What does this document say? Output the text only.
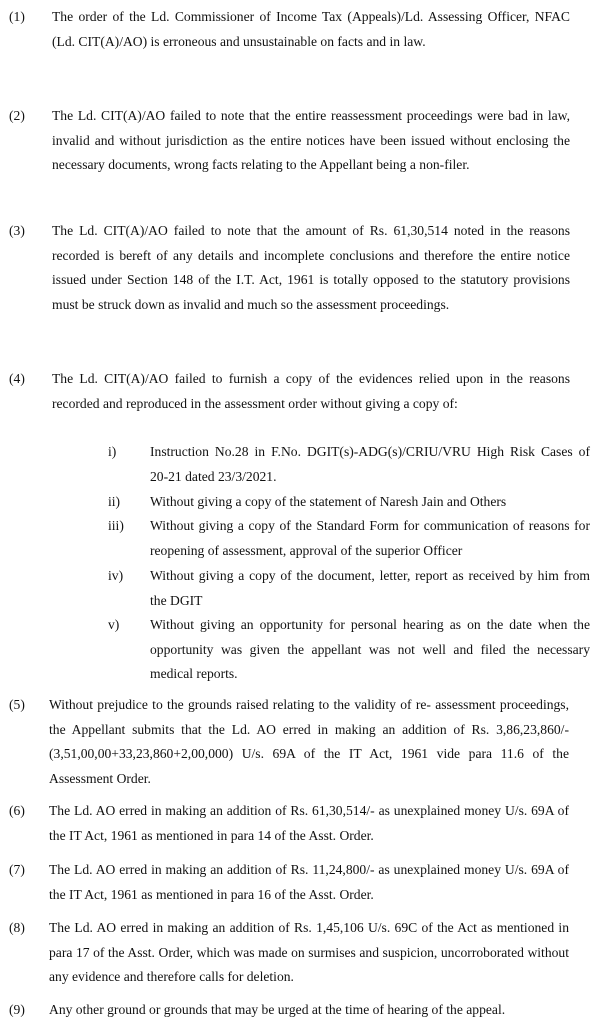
(1) The order of the Ld. Commissioner of Income Tax (Appeals)/Ld. Assessing Officer, NFAC (Ld. CIT(A)/AO) is erroneous and unsustainable on facts and in law.
(2) The Ld. CIT(A)/AO failed to note that the entire reassessment proceedings were bad in law, invalid and without jurisdiction as the entire notices have been issued without enclosing the necessary documents, wrong facts relating to the Appellant being a non-filer.
(3) The Ld. CIT(A)/AO failed to note that the amount of Rs. 61,30,514 noted in the reasons recorded is bereft of any details and incomplete conclusions and therefore the entire notice issued under Section 148 of the I.T. Act, 1961 is totally opposed to the statutory provisions must be struck down as invalid and much so the assessment proceedings.
(4) The Ld. CIT(A)/AO failed to furnish a copy of the evidences relied upon in the reasons recorded and reproduced in the assessment order without giving a copy of:
i) Instruction No.28 in F.No. DGIT(s)-ADG(s)/CRIU/VRU High Risk Cases of 20-21 dated 23/3/2021.
ii) Without giving a copy of the statement of Naresh Jain and Others
iii) Without giving a copy of the Standard Form for communication of reasons for reopening of assessment, approval of the superior Officer
iv) Without giving a copy of the document, letter, report as received by him from the DGIT
v) Without giving an opportunity for personal hearing as on the date when the opportunity was given the appellant was not well and filed the necessary medical reports.
(5) Without prejudice to the grounds raised relating to the validity of re- assessment proceedings, the Appellant submits that the Ld. AO erred in making an addition of Rs. 3,86,23,860/- (3,51,00,00+33,23,860+2,00,000) U/s. 69A of the IT Act, 1961 vide para 11.6 of the Assessment Order.
(6) The Ld. AO erred in making an addition of Rs. 61,30,514/- as unexplained money U/s. 69A of the IT Act, 1961 as mentioned in para 14 of the Asst. Order.
(7) The Ld. AO erred in making an addition of Rs. 11,24,800/- as unexplained money U/s. 69A of the IT Act, 1961 as mentioned in para 16 of the Asst. Order.
(8) The Ld. AO erred in making an addition of Rs. 1,45,106 U/s. 69C of the Act as mentioned in para 17 of the Asst. Order, which was made on surmises and suspicion, uncorroborated without any evidence and therefore calls for deletion.
(9) Any other ground or grounds that may be urged at the time of hearing of the appeal.
